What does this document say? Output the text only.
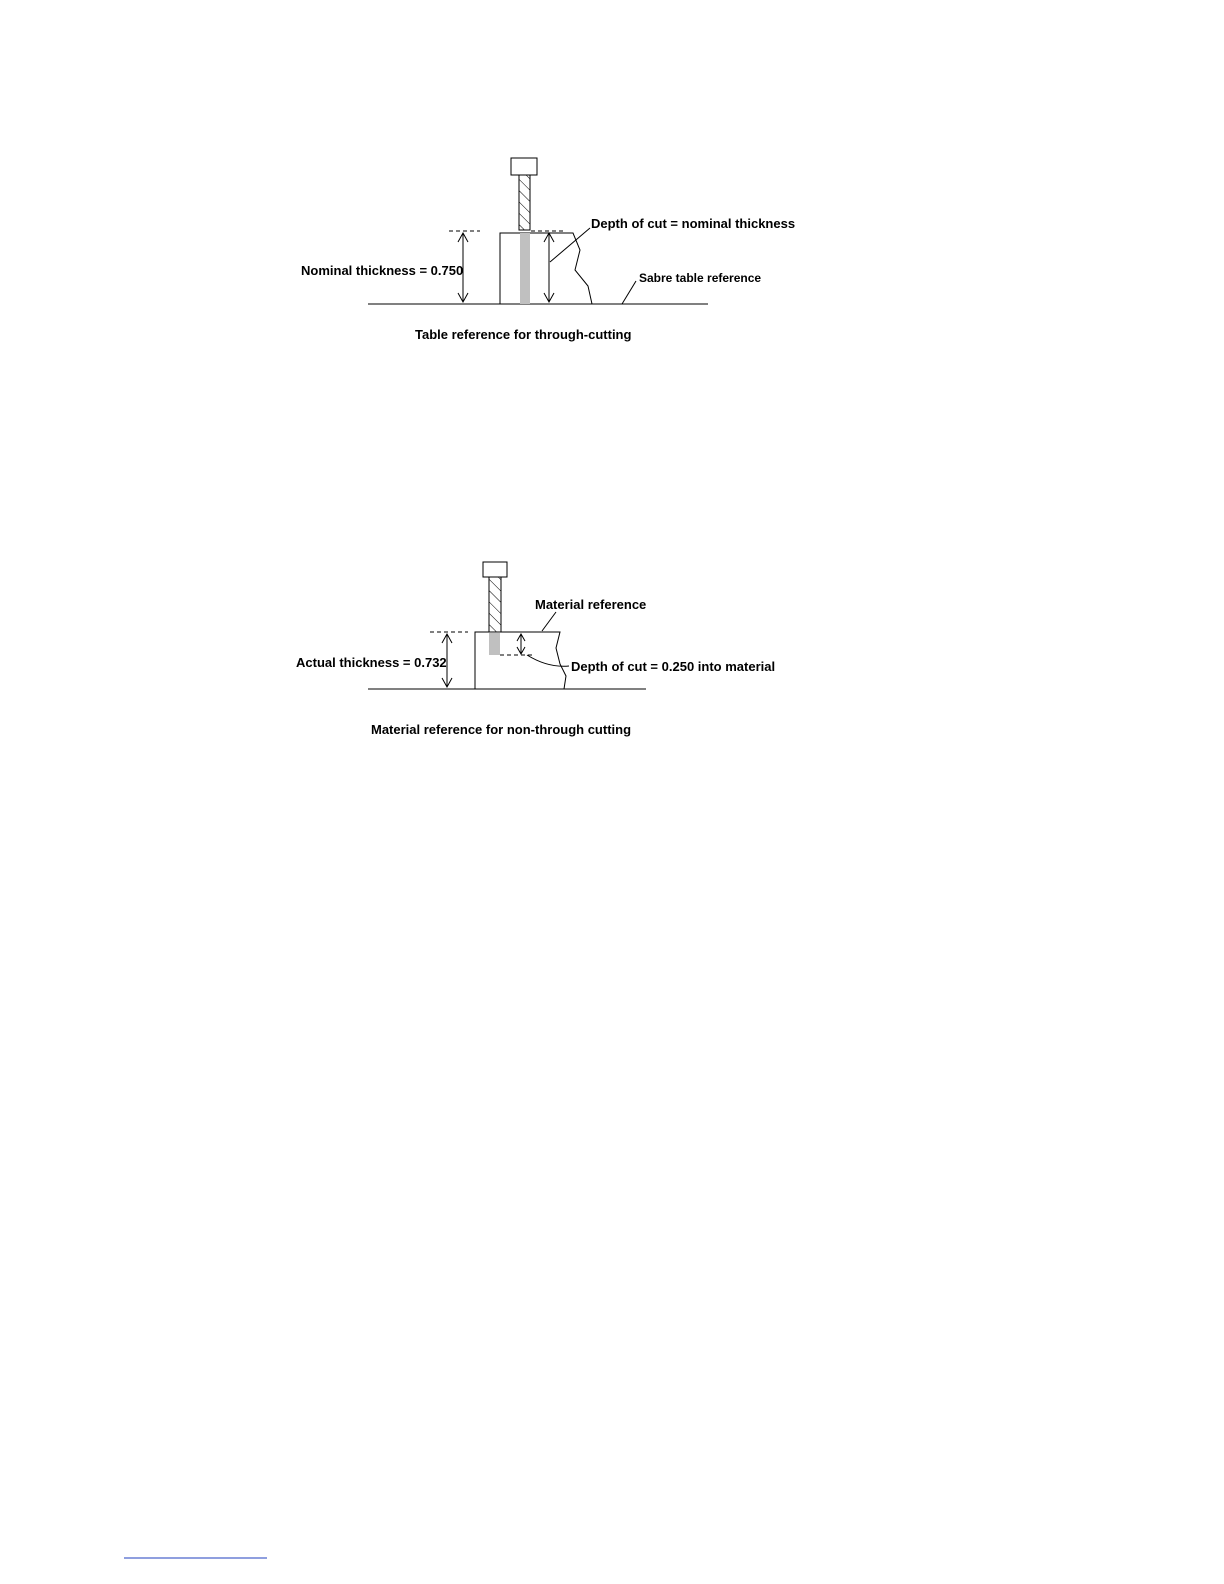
Nominal thickness = 0.750
Depth of cut = nominal thickness
Sabre table reference
Table reference for through-cutting
Material reference
Actual thickness = 0.732	Depth of cut = 0.250 into material
Material reference for non-through cutting
